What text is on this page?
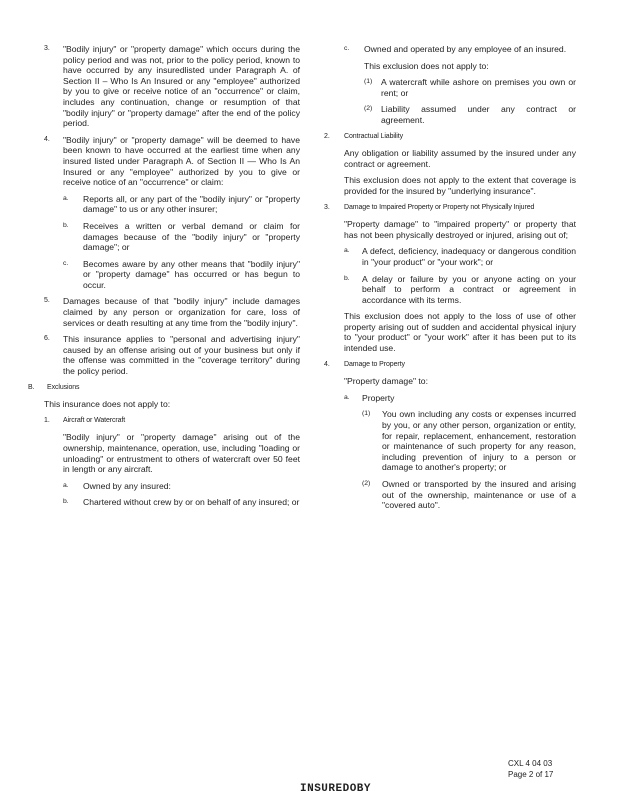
3. "Bodily injury" or "property damage" which occurs during the policy period and was not, prior to the policy period, known to have occurred by any insuredlisted under Paragraph A. of Section II – Who Is An Insured or any "employee" authorized by you to give or receive notice of an "occurrence" or claim, includes any continuation, change or resumption of that "bodily injury" or "property damage" after the end of the policy period.
4. "Bodily injury" or "property damage" will be deemed to have been known to have occurred at the earliest time when any insured listed under Paragraph A. of Section II — Who Is An Insured or any "employee" authorized by you to give or receive notice of an "occurrence" or claim:
a. Reports all, or any part of the "bodily injury" or "property damage" to us or any other insurer;
b. Receives a written or verbal demand or claim for damages because of the "bodily injury" or "property damage"; or
c. Becomes aware by any other means that "bodily injury" or "property damage" has occurred or has begun to occur.
5. Damages because of that "bodily injury" include damages claimed by any person or organization for care, loss of services or death resulting at any time from the "bodily injury".
6. This insurance applies to "personal and advertising injury" caused by an offense arising out of your business but only if the offense was committed in the "coverage territory" during the policy period.
B. Exclusions
This insurance does not apply to:
1. Aircraft or Watercraft
"Bodily injury" or "property damage" arising out of the ownership, maintenance, operation, use, including "loading or unloading" or entrustment to others of watercraft over 50 feet in length or any aircraft.
a. Owned by any insured:
b. Chartered without crew by or on behalf of any insured; or
c. Owned and operated by any employee of an insured.
This exclusion does not apply to:
(1) A watercraft while ashore on premises you own or rent; or
(2) Liability assumed under any contract or agreement.
2. Contractual Liability
Any obligation or liability assumed by the insured under any contract or agreement.
This exclusion does not apply to the extent that coverage is provided for the insured by "underlying insurance".
3. Damage to Impaired Property or Property not Physically Injured
"Property damage" to "impaired property" or property that has not been physically destroyed or injured, arising out of;
a. A defect, deficiency, inadequacy or dangerous condition in "your product" or "your work"; or
b. A delay or failure by you or anyone acting on your behalf to perform a contract or agreement in accordance with its terms.
This exclusion does not apply to the loss of use of other property arising out of sudden and accidental physical injury to "your product" or "your work" after it has been put to its intended use.
4. Damage to Property
"Property damage" to:
a. Property
(1) You own including any costs or expenses incurred by you, or any other person, organization or entity, for repair, replacement, enhancement, restoration or maintenance of such property for any reason, including prevention of injury to a person or damage to another's property; or
(2) Owned or transported by the insured and arising out of the ownership, maintenance or use of a "covered auto".
CXL 4 04 03
Page 2 of 17
INSUREDOBY
